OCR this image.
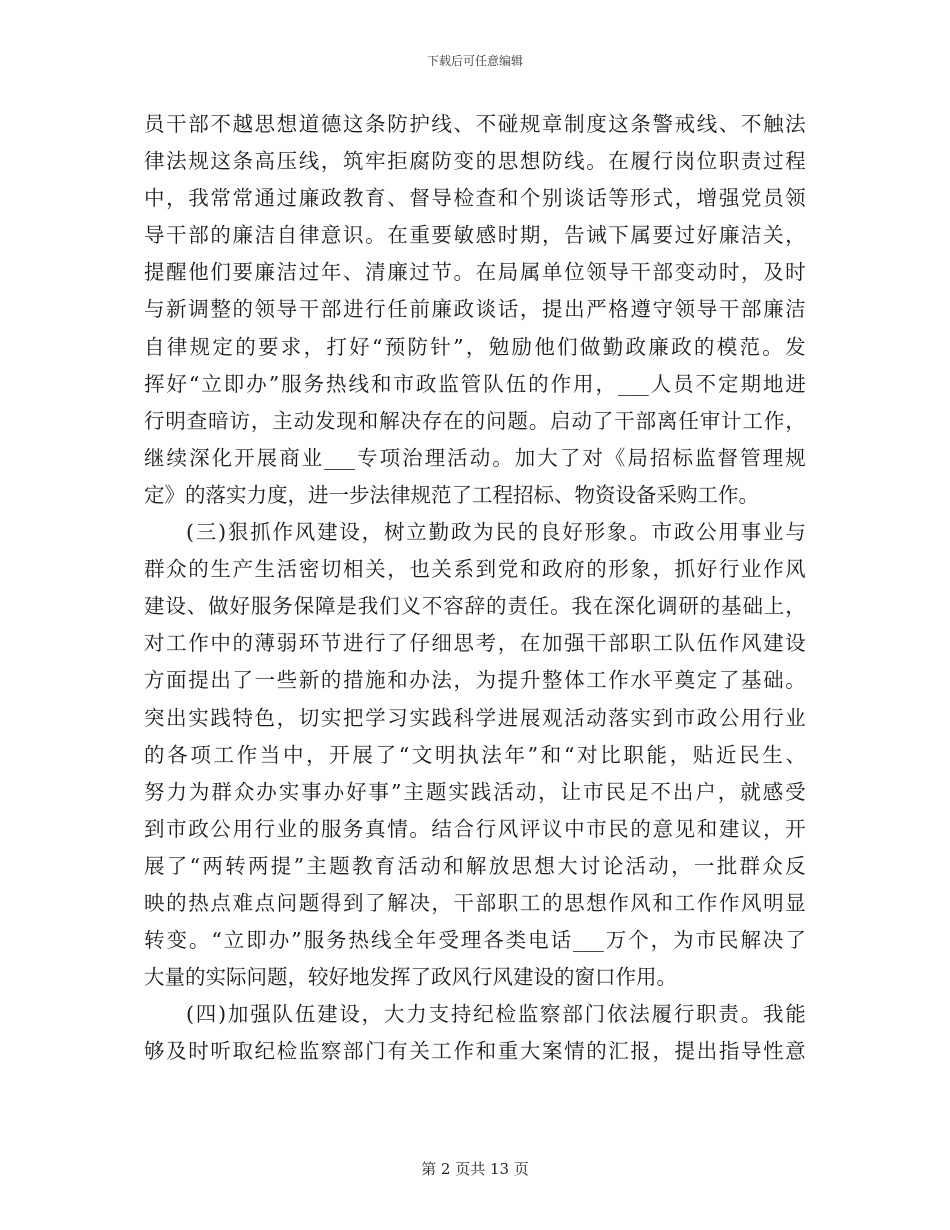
下载后可任意编辑
员 干 部 不 越 思 想 道 德 这 条 防 护 线 、 不 碰 规 章 制 度 这 条 警 戒 线 、 不 触 法
律 法 规 这 条 高 压 线 ， 筑 牢 拒 腐 防 变 的 思 想 防 线 。 在 履 行 岗 位 职 责 过 程
中 ， 我 常 常 通 过 廉 政 教 育 、 督 导 检 查 和 个 别 谈 话 等 形 式 ， 增 强 党 员 领
导 干 部 的 廉 洁 自 律 意 识 。 在 重 要 敏 感 时 期 ， 告 诫 下 属 要 过 好 廉 洁 关 ，
提 醒 他 们 要 廉 洁 过 年 、 清 廉 过 节 。 在 局 属 单 位 领 导 干 部 变 动 时 ， 及 时
与 新 调 整 的 领 导 干 部 进 行 任 前 廉 政 谈 话 ， 提 出 严 格 遵 守 领 导 干 部 廉 洁
自 律 规 定 的 要 求 ， 打 好 “ 预 防 针 ” ， 勉 励 他 们 做 勤 政 廉 政 的 模 范 。 发
挥 好 “ 立 即 办 ” 服 务 热 线 和 市 政 监 管 队 伍 的 作 用 ， ___ 人 员 不 定 期 地 进
行 明 查 暗 访 ， 主 动 发 现 和 解 决 存 在 的 问 题 。 启 动 了 干 部 离 任 审 计 工 作 ，
继 续 深 化 开 展 商 业 ___ 专 项 治 理 活 动 。 加 大 了 对 《 局 招 标 监 督 管 理 规
定》的落实力度，进一步法律规范了工程招标、物资设备采购工作。
( 三 ) 狠 抓 作 风 建 设 ， 树 立 勤 政 为 民 的 良 好 形 象 。 市 政 公 用 事 业 与
群 众 的 生 产 生 活 密 切 相 关 ， 也 关 系 到 党 和 政 府 的 形 象 ， 抓 好 行 业 作 风
建 设 、 做 好 服 务 保 障 是 我 们 义 不 容 辞 的 责 任 。 我 在 深 化 调 研 的 基 础 上 ，
对 工 作 中 的 薄 弱 环 节 进 行 了 仔 细 思 考 ， 在 加 强 干 部 职 工 队 伍 作 风 建 设
方 面 提 出 了 一 些 新 的 措 施 和 办 法 ， 为 提 升 整 体 工 作 水 平 奠 定 了 基 础 。
突 出 实 践 特 色 ， 切 实 把 学 习 实 践 科 学 进 展 观 活 动 落 实 到 市 政 公 用 行 业
的 各 项 工 作 当 中 ， 开 展 了 “ 文 明 执 法 年 ” 和 “ 对 比 职 能 ， 贴 近 民 生 、
努 力 为 群 众 办 实 事 办 好 事 ” 主 题 实 践 活 动 ， 让 市 民 足 不 出 户 ， 就 感 受
到 市 政 公 用 行 业 的 服 务 真 情 。 结 合 行 风 评 议 中 市 民 的 意 见 和 建 议 ， 开
展 了 “ 两 转 两 提 ” 主 题 教 育 活 动 和 解 放 思 想 大 讨 论 活 动 ， 一 批 群 众 反
映 的 热 点 难 点 问 题 得 到 了 解 决 ， 干 部 职 工 的 思 想 作 风 和 工 作 作 风 明 显
转 变 。 “ 立 即 办 ” 服 务 热 线 全 年 受 理 各 类 电 话 ___ 万 个 ， 为 市 民 解 决 了
大量的实际问题，较好地发挥了政风行风建设的窗口作用。
( 四 ) 加 强 队 伍 建 设 ， 大 力 支 持 纪 检 监 察 部 门 依 法 履 行 职 责 。 我 能
够 及 时 听 取 纪 检 监 察 部 门 有 关 工 作 和 重 大 案 情 的 汇 报 ， 提 出 指 导 性 意
第 2 页共 13 页
